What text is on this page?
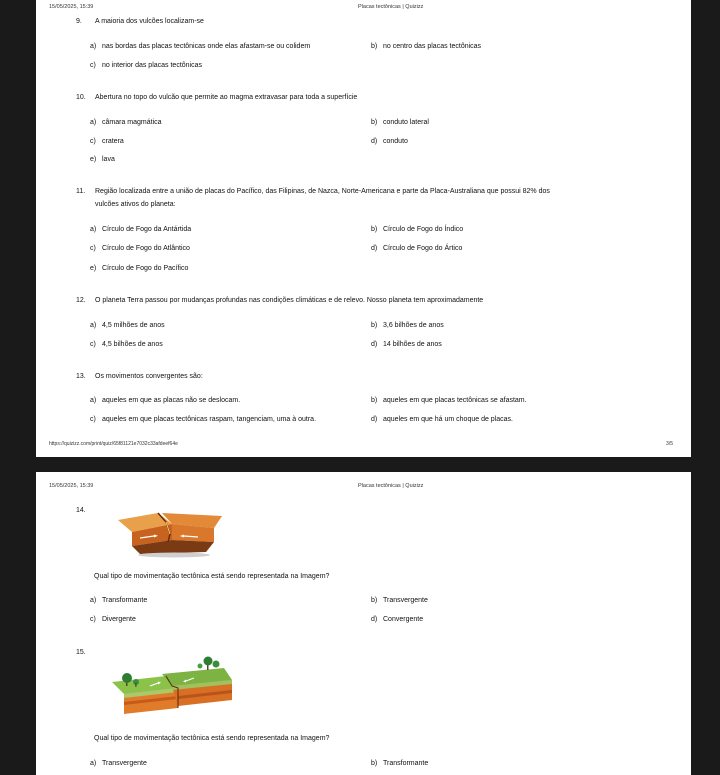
15/05/2025, 15:39	Placas tectônicas | Quizizz
9. A maioria dos vulcões localizam-se
a) nas bordas das placas tectônicas onde elas afastam-se ou colidem	b) no centro das placas tectônicas
c) no interior das placas tectônicas
10. Abertura no topo do vulcão que permite ao magma extravasar para toda a superfície
a) câmara magmática	b) conduto lateral
c) cratera	d) conduto
e) lava
11. Região localizada entre a união de placas do Pacífico, das Filipinas, de Nazca, Norte-Americana e parte da Placa-Australiana que possui 82% dos
vulcões ativos do planeta:
a) Círculo de Fogo da Antártida	b) Círculo de Fogo do Índico
c) Círculo de Fogo do Atlântico	d) Círculo de Fogo do Ártico
e) Círculo de Fogo do Pacífico
12. O planeta Terra passou por mudanças profundas nas condições climáticas e de relevo. Nosso planeta tem aproximadamente
a) 4,5 milhões de anos	b) 3,6 bilhões de anos
c) 4,5 bilhões de anos	d) 14 bilhões de anos
13. Os movimentos convergentes são:
a) aqueles em que as placas não se deslocam.	b) aqueles em que placas tectônicas se afastam.
c) aqueles em que placas tectônicas raspam, tangenciam, uma à outra.	d) aqueles em que há um choque de placas.
https://quizizz.com/print/quiz/65f81121e7032c33afdeef64e	3/5
15/05/2025, 15:39	Placas tectônicas | Quizizz
14.
Qual tipo de movimentação tectônica está sendo representada na Imagem?
a) Transformante	b) Transvergente
c) Divergente	d) Convergente
15.
Qual tipo de movimentação tectônica está sendo representada na Imagem?
a) Transvergente	b) Transformante
